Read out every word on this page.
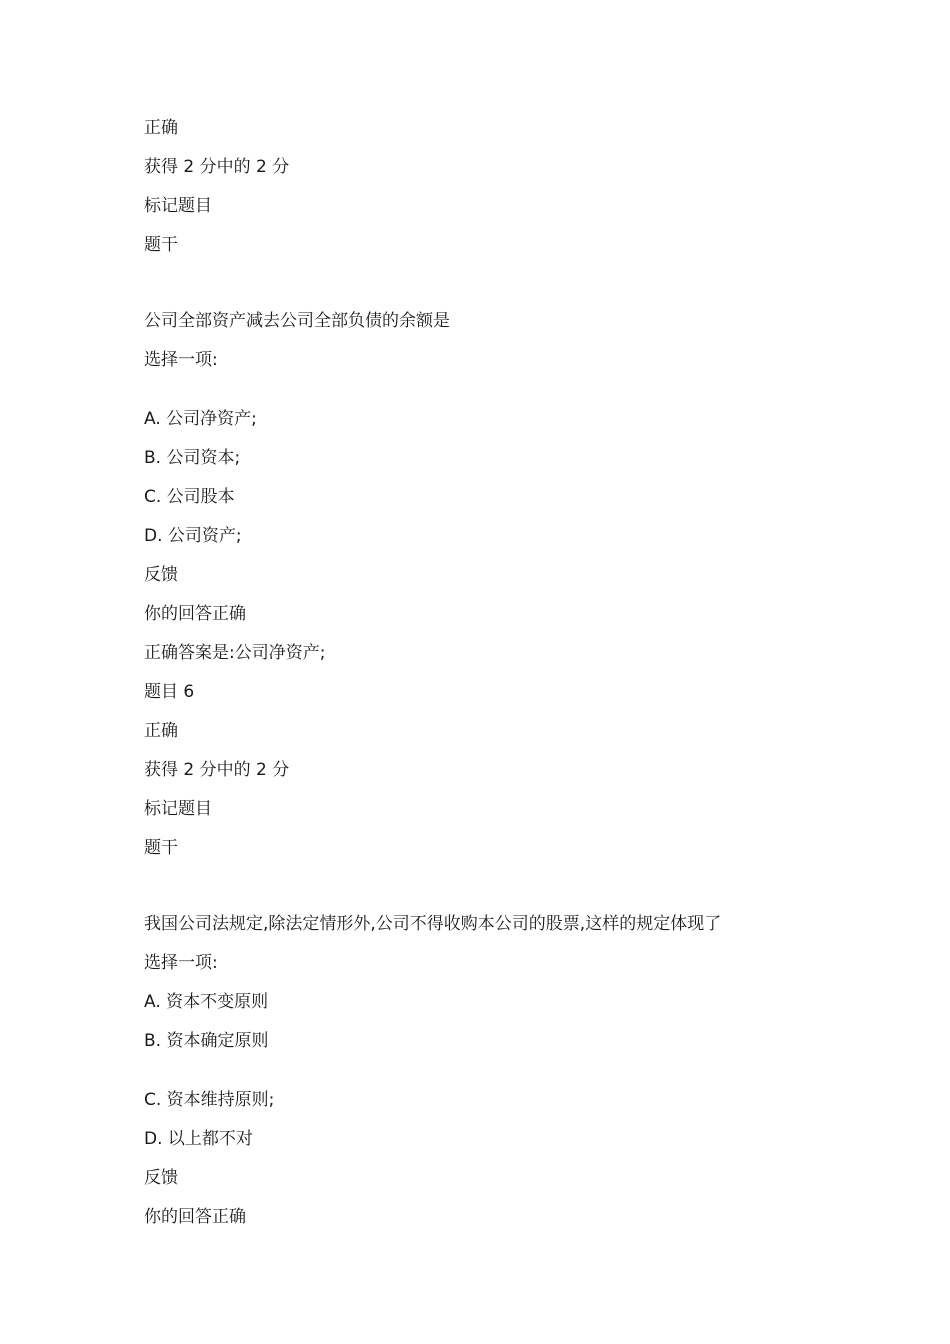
正确
获得 2 分中的 2 分
标记题目
题干
公司全部资产减去公司全部负债的余额是
选择一项:
A. 公司净资产;
B. 公司资本;
C. 公司股本
D. 公司资产;
反馈
你的回答正确
正确答案是:公司净资产;
题目 6
正确
获得 2 分中的 2 分
标记题目
题干
我国公司法规定,除法定情形外,公司不得收购本公司的股票,这样的规定体现了
选择一项:
A. 资本不变原则
B. 资本确定原则
C. 资本维持原则;
D. 以上都不对
反馈
你的回答正确
